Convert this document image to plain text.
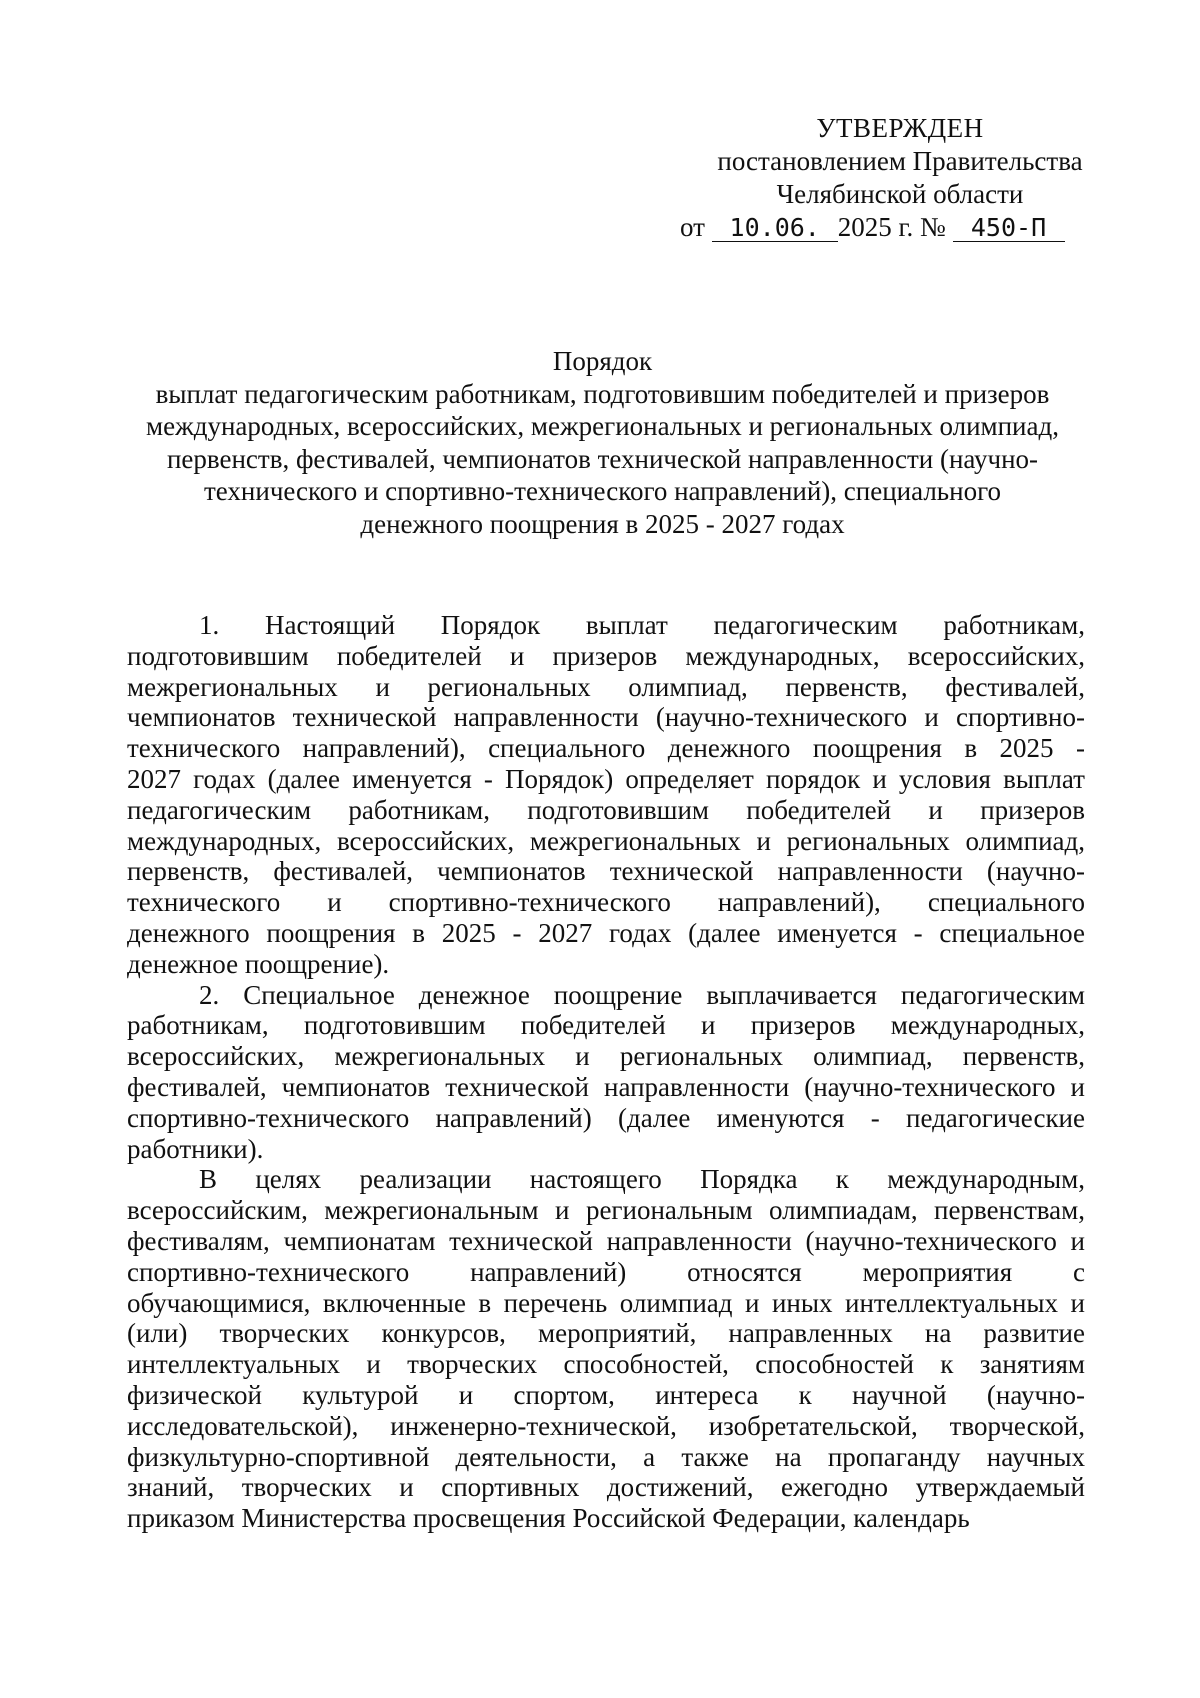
УТВЕРЖДЕН
постановлением Правительства
Челябинской области
от 10.06. 2025 г. № 450-П
Порядок
выплат педагогическим работникам, подготовившим победителей и призеров
международных, всероссийских, межрегиональных и региональных олимпиад,
первенств, фестивалей, чемпионатов технической направленности (научно-
технического и спортивно-технического направлений), специального
денежного поощрения в 2025 - 2027 годах
1. Настоящий Порядок выплат педагогическим работникам,
подготовившим победителей и призеров международных, всероссийских,
межрегиональных и региональных олимпиад, первенств, фестивалей,
чемпионатов технической направленности (научно-технического и спортивно-
технического направлений), специального денежного поощрения в 2025 -
2027 годах (далее именуется - Порядок) определяет порядок и условия выплат
педагогическим работникам, подготовившим победителей и призеров
международных, всероссийских, межрегиональных и региональных олимпиад,
первенств, фестивалей, чемпионатов технической направленности (научно-
технического и спортивно-технического направлений), специального
денежного поощрения в 2025 - 2027 годах (далее именуется - специальное
денежное поощрение).
2. Специальное денежное поощрение выплачивается педагогическим
работникам, подготовившим победителей и призеров международных,
всероссийских, межрегиональных и региональных олимпиад, первенств,
фестивалей, чемпионатов технической направленности (научно-технического и
спортивно-технического направлений) (далее именуются - педагогические
работники).
В целях реализации настоящего Порядка к международным,
всероссийским, межрегиональным и региональным олимпиадам, первенствам,
фестивалям, чемпионатам технической направленности (научно-технического и
спортивно-технического направлений) относятся мероприятия с
обучающимися, включенные в перечень олимпиад и иных интеллектуальных и
(или) творческих конкурсов, мероприятий, направленных на развитие
интеллектуальных и творческих способностей, способностей к занятиям
физической культурой и спортом, интереса к научной (научно-
исследовательской), инженерно-технической, изобретательской, творческой,
физкультурно-спортивной деятельности, а также на пропаганду научных
знаний, творческих и спортивных достижений, ежегодно утверждаемый
приказом Министерства просвещения Российской Федерации, календарь
